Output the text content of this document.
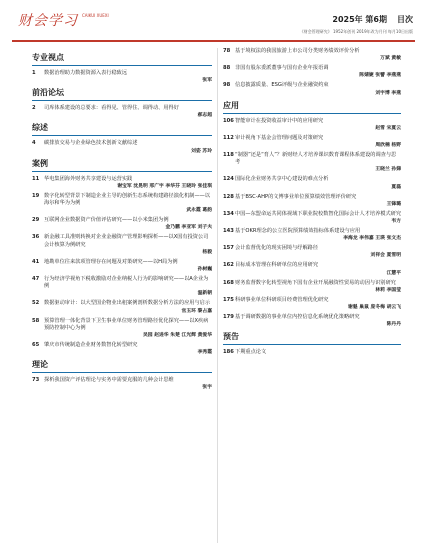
财会学习 CAIKUI XUEXI	2025年 第6期 目次
《财会管理研究》 1952年创刊 2019年改为月刊 每月10日出版
专业视点
1	数据治理助力数据资源入表行稳致远
张军
前沿论坛
2	司库体系建设的总要求：看得见、管得住、调得动、用得好
郝志超
综述
4	碳排放交易与企业绿色技术创新文献综述
刘姿 苏玲
案例
11 华电集团海外财务共享建设与运营实践
谢宝军 沈晃明 邢广宇 李华芬 王晓玲 张佳琪
19 数字化转型背景下制造企业主导的创新生态系统构建路径演化机制——以海尔和华为为例
武永霞 葛韵
29 互联网企业数据资产价值评估研究——以小米集团为例
金乃鹏 李亚军 刘子夫
36 新金融工具准则转换对企业金融资产管理影响探析——以X国有投资公司会计核算为例研究
杨毅
41 地勘单位往来款项管理存在问题及对策研究——以H局为例
孙树巍
47 行为经济学视角下税收激励对企业纳税人行为的影响研究——以A企业为例
温新朝
52 数据驱动审计：以大型国企物业出租案例剖析数据分析方法的应用与启示
官玉环 黎占嘉
58 预算管理一体化背景下卫生事业单位财务管理路径优化探究——以X疾病预防控制中心为例
吴园 赵进华 朱楚 江光辉 黄爱华
65 肇庆市传统制造企业财务数智化转型研究
李秀霞
理论
73 探析我国资产评估理论与实务中需要克服的几种会计思维
张宇
78 基于境权法的我国旅游上市公司分类财务绩效评价分析
万斌 黄敏
88 非国有股东委派董事与国有企业年报语调
陈婧婕 张譬 李燕燕
98 信息披露质量、ESG评级与企业融资约束
刘宇博 李燕
应用
106 智能审计在投资收益审计中的应用研究
赵雪 宋夏云
112 审计视角下基金会管理问题及对策研究
周欣楠 杨野
118 “制器”还是“育人”？新财经人才培养课识数育课程体系建设的调查与思考
王晓兰 孙娣
124 国际化企业财务共享中心建设的难点分析
夏磊
128 基于BSC-AHP的文博事业单位预算绩效管理评价研究
王锋璐
134 中国—东盟命运共同体视域下职业院校数智化国际会计人才培养模式研究
韦方
143 基于OKR理念的公立医院预算绩效指标体系建设与应用
李海龙 李伟嘉 王瑛 张文杰
157 会计监督优化的现实困境与纾解路径
刘祥会 夏雪明
162 目标成本管理在科研单位的应用研究
江慧平
168 财务监督数字化转型视角下国有企业开展融资性贸易的动因与识别研究
林莉 李国莹
175 科研事业单位科研项目经费管理优化研究
谢魁 巢鼠 庞冬梅 胡云飞
179 基于调研数据的事业单位内控信息化系统优化策略研究
陈丹丹
预告
186 下期重点论文
